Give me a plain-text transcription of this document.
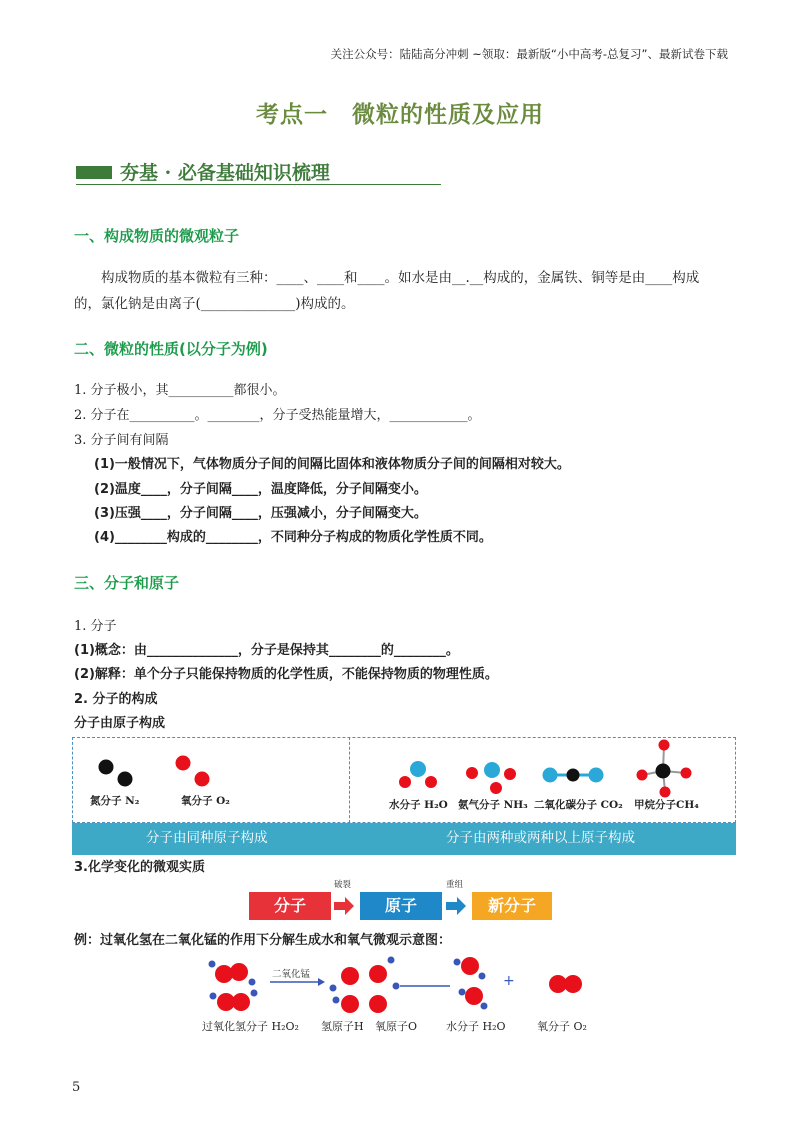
关注公众号：陆陆高分冲刺 ~领取：最新版“小中高考-总复习”、最新试卷下载
考点一　微粒的性质及应用
夯基 · 必备基础知识梳理
一、构成物质的微观粒子
构成物质的基本微粒有三种：____、____和____。如水是由__.__构成的，金属铁、铜等是由____构成
的，氯化钠是由离子(______________)构成的。
二、微粒的性质(以分子为例)
1. 分子极小，其__________都很小。
2. 分子在__________。________，分子受热能量增大，____________。
3. 分子间有间隔
(1)一般情况下，气体物质分子间的间隔比固体和液体物质分子间的间隔相对较大。
(2)温度____，分子间隔____，温度降低，分子间隔变小。
(3)压强____，分子间隔____，压强减小，分子间隔变大。
(4)________构成的________，不同种分子构成的物质化学性质不同。
三、分子和原子
1. 分子
(1)概念：由______________，分子是保持其________的________。
(2)解释：单个分子只能保持物质的化学性质，不能保持物质的物理性质。
2. 分子的构成
分子由原子构成
氮分子 N₂	氧分子 O₂	水分子 H₂O 氨气分子 NH₃ 二氧化碳分子 CO₂ 甲烷分子CH₄
分子由同种原子构成	分子由两种或两种以上原子构成
3.化学变化的微观实质
分子
破裂
原子
重组
新分子
例：过氧化氢在二氧化锰的作用下分解生成水和氧气微观示意图：
二氧化锰	+
过氧化氢分子 H₂O₂ 氢原子H 氧原子O	水分子 H₂O	氧分子 O₂
5
